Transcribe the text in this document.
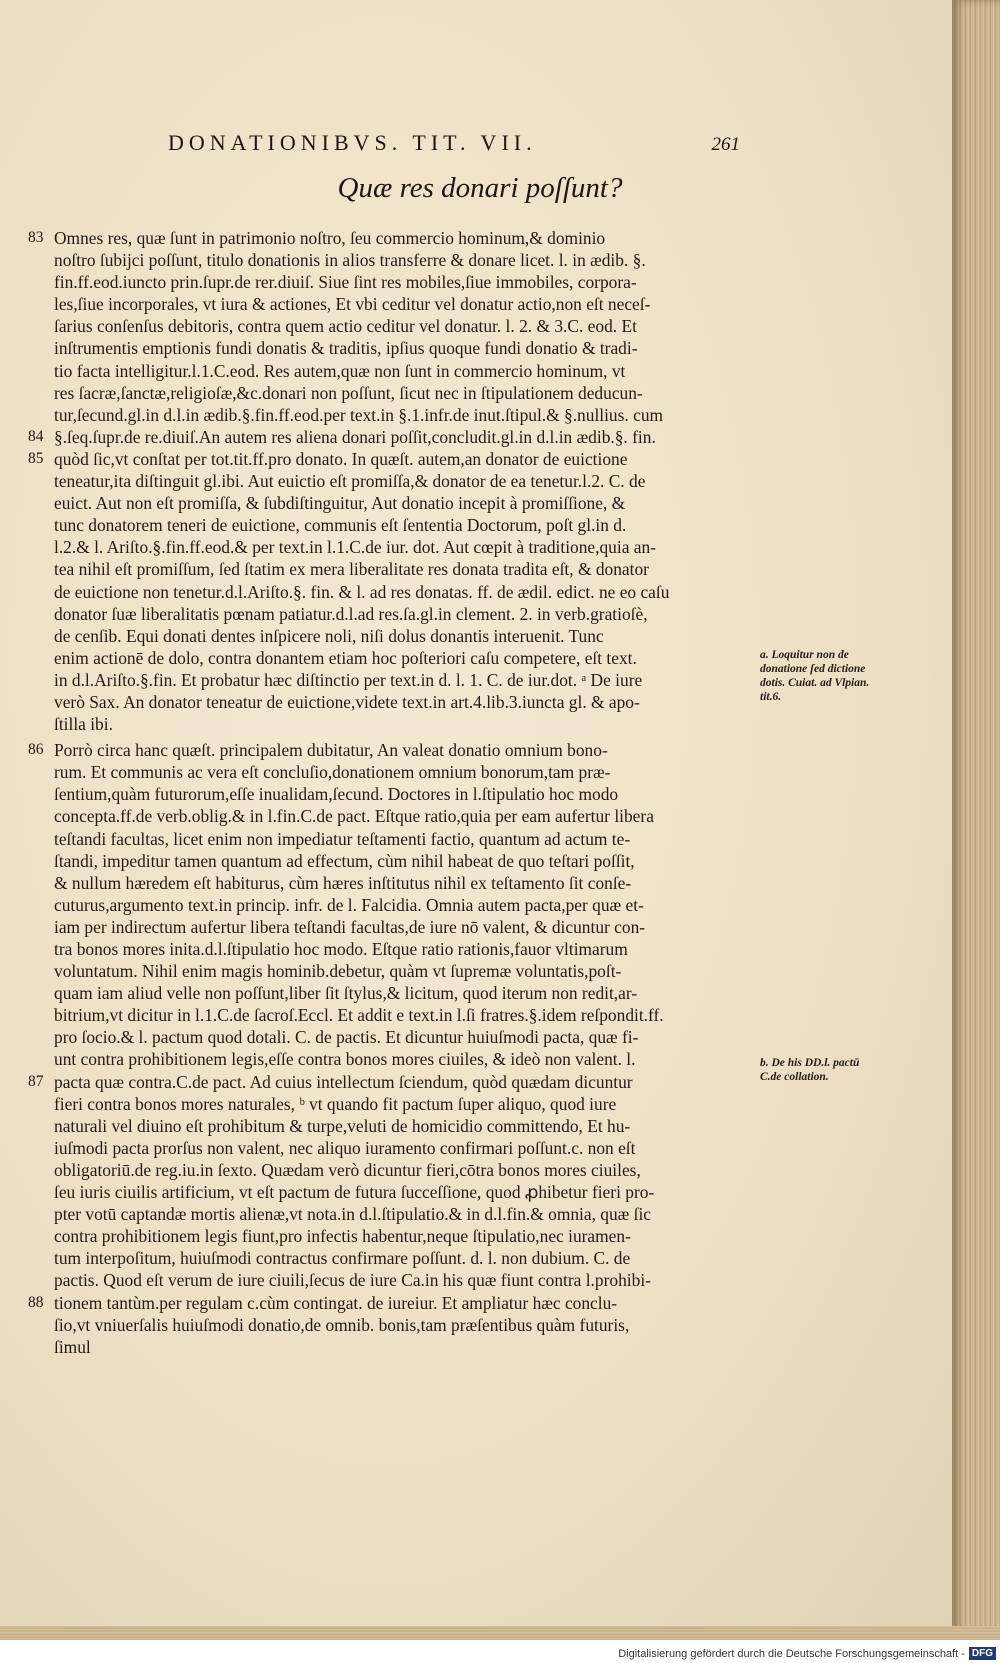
DONATIONIBVS. TIT. VII.	261
Quæ res donari poſſunt?
83 Omnes res, quæ ſunt in patrimonio noſtro, ſeu commercio hominum,& dominio
noſtro ſubijci poſſunt, titulo donationis in alios transferre & donare licet. l. in ædib. §.
fin.ff.eod.iuncto prin.ſupr.de rer.diuiſ. Siue ſint res mobiles,ſiue immobiles, corpora-
les,ſiue incorporales, vt iura & actiones, Et vbi ceditur vel donatur actio,non eſt neceſ-
ſarius conſenſus debitoris, contra quem actio ceditur vel donatur. l. 2. & 3.C. eod. Et
inſtrumentis emptionis fundi donatis & traditis, ipſius quoque fundi donatio & tradi-
tio facta intelligitur.l.1.C.eod. Res autem,quæ non ſunt in commercio hominum, vt
res ſacræ,ſanctæ,religioſæ,&c.donari non poſſunt, ſicut nec in ſtipulationem deducun-
tur,ſecund.gl.in d.l.in ædib.§.fin.ff.eod.per text.in §.1.infr.de inut.ſtipul.& §.nullius. cum
84 §.ſeq.ſupr.de re.diuiſ.An autem res aliena donari poſſit,concludit.gl.in d.l.in ædib.§. fin.
85 quòd ſic,vt conſtat per tot.tit.ff.pro donato. In quæſt. autem,an donator de euictione
teneatur,ita diſtinguit gl.ibi. Aut euictio eſt promiſſa,& donator de ea tenetur.l.2. C. de
euict. Aut non eſt promiſſa, & ſubdiſtinguitur, Aut donatio incepit à promiſſione, &
tunc donatorem teneri de euictione, communis eſt ſententia Doctorum, poſt gl.in d.
l.2.& l. Ariſto.§.fin.ff.eod.& per text.in l.1.C.de iur. dot. Aut cœpit à traditione,quia an-
tea nihil eſt promiſſum, ſed ſtatim ex mera liberalitate res donata tradita eſt, & donator
de euictione non tenetur.d.l.Ariſto.§. fin. & l. ad res donatas. ff. de ædil. edict. ne eo caſu
donator ſuæ liberalitatis pœnam patiatur.d.l.ad res.ſa.gl.in clement. 2. in verb.gratioſè,
de cenſib. Equi donati dentes inſpicere noli, niſi dolus donantis interuenit. Tunc
enim actionē de dolo, contra donantem etiam hoc poſteriori caſu competere, eſt text.
in d.l.Ariſto.§.fin. Et probatur hæc diſtinctio per text.in d. l. 1. C. de iur.dot. ᵃ De iure
verò Sax. An donator teneatur de euictione,videte text.in art.4.lib.3.iuncta gl. & apo-
ſtilla ibi.
86 Porrò circa hanc quæſt. principalem dubitatur, An valeat donatio omnium bono-
rum. Et communis ac vera eſt concluſio,donationem omnium bonorum,tam præ-
ſentium,quàm futurorum,eſſe inualidam,ſecund. Doctores in l.ſtipulatio hoc modo
concepta.ff.de verb.oblig.& in l.fin.C.de pact. Eſtque ratio,quia per eam aufertur libera
teſtandi facultas, licet enim non impediatur teſtamenti factio, quantum ad actum te-
ſtandi, impeditur tamen quantum ad effectum, cùm nihil habeat de quo teſtari poſſit,
& nullum hæredem eſt habiturus, cùm hæres inſtitutus nihil ex teſtamento ſit conſe-
cuturus,argumento text.in princip. infr. de l. Falcidia. Omnia autem pacta,per quæ et-
iam per indirectum aufertur libera teſtandi facultas,de iure nō valent, & dicuntur con-
tra bonos mores inita.d.l.ſtipulatio hoc modo. Eſtque ratio rationis,fauor vltimarum
voluntatum. Nihil enim magis hominib.debetur, quàm vt ſupremæ voluntatis,poſt-
quam iam aliud velle non poſſunt,liber ſit ſtylus,& licitum, quod iterum non redit,ar-
bitrium,vt dicitur in l.1.C.de ſacroſ.Eccl. Et addit e text.in l.ſi fratres.§.idem reſpondit.ff.
pro ſocio.& l. pactum quod dotali. C. de pactis. Et dicuntur huiuſmodi pacta, quæ fi-
unt contra prohibitionem legis,eſſe contra bonos mores ciuiles, & ideò non valent. l.
87 pacta quæ contra.C.de pact. Ad cuius intellectum ſciendum, quòd quædam dicuntur
fieri contra bonos mores naturales, ᵇ vt quando fit pactum ſuper aliquo, quod iure
naturali vel diuino eſt prohibitum & turpe,veluti de homicidio committendo, Et hu-
iuſmodi pacta prorſus non valent, nec aliquo iuramento confirmari poſſunt.c. non eſt
obligatoriū.de reg.iu.in ſexto. Quædam verò dicuntur fieri,cōtra bonos mores ciuiles,
ſeu iuris ciuilis artificium, vt eſt pactum de futura ſucceſſione, quod ꝓhibetur fieri pro-
pter votū captandæ mortis alienæ,vt nota.in d.l.ſtipulatio.& in d.l.fin.& omnia, quæ ſic
contra prohibitionem legis fiunt,pro infectis habentur,neque ſtipulatio,nec iuramen-
tum interpoſitum, huiuſmodi contractus confirmare poſſunt. d. l. non dubium. C. de
pactis. Quod eſt verum de iure ciuili,ſecus de iure Ca.in his quæ fiunt contra l.prohibi-
88 tionem tantùm.per regulam c.cùm contingat. de iureiur. Et ampliatur hæc conclu-
ſio,vt vniuerſalis huiuſmodi donatio,de omnib. bonis,tam præſentibus quàm futuris,
ſimul
a. Loquitur non de donatione ſed dictione dotis. Cuiat. ad Vlpian. tit.6.
b. De his DD.l. pactū C.de collation.
Digitalisierung gefördert durch die Deutsche Forschungsgemeinschaft - DFG
